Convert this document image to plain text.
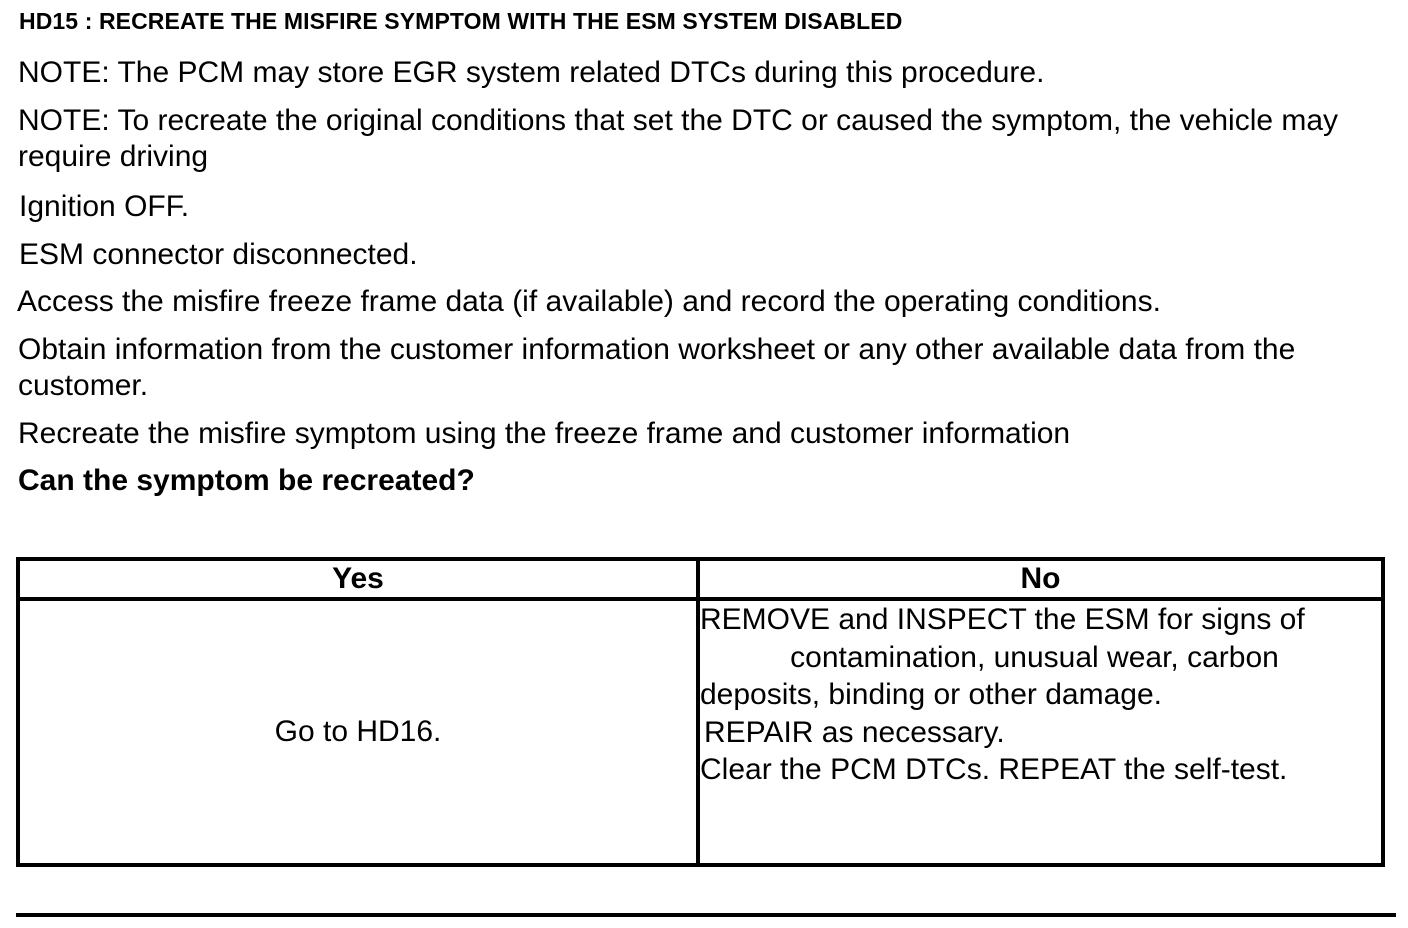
HD15 : RECREATE THE MISFIRE SYMPTOM WITH THE ESM SYSTEM DISABLED
NOTE: The PCM may store EGR system related DTCs during this procedure.
NOTE: To recreate the original conditions that set the DTC or caused the symptom, the vehicle may require driving
Ignition OFF.
ESM connector disconnected.
Access the misfire freeze frame data (if available) and record the operating conditions.
Obtain information from the customer information worksheet or any other available data from the customer.
Recreate the misfire symptom using the freeze frame and customer information
Can the symptom be recreated?
Yes	No
Go to HD16.	REMOVE and INSPECT the ESM for signs of
contamination, unusual wear, carbon
deposits, binding or other damage.
REPAIR as necessary.
Clear the PCM DTCs. REPEAT the self-test.
